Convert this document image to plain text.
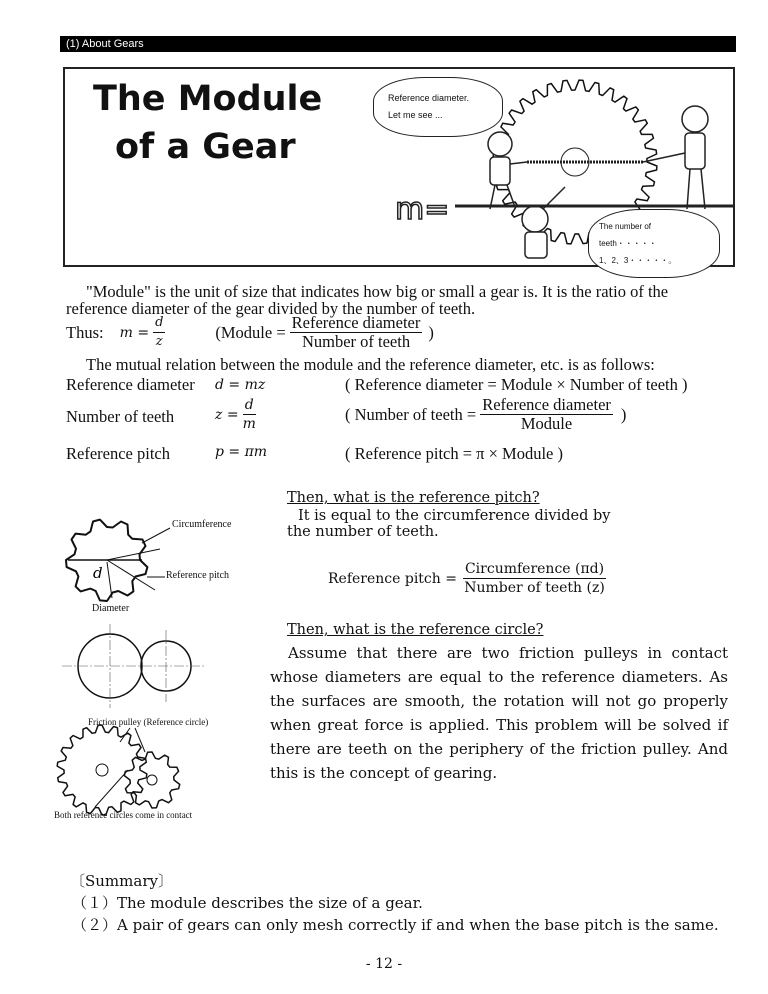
(1) About Gears
The Module
of a Gear
m=
Reference diameter.
Let me see ...
The number of teeth・・・・・
1、2、3・・・・・。
"Module" is the unit of size that indicates how big or small a gear is. It is the ratio of the
reference diameter of the gear divided by the number of teeth.
Thus: $m = \frac{d}{z}$	(Module = $\frac{\text{Reference diameter}}{\text{Number of teeth}}$ )
The mutual relation between the module and the reference diameter, etc. is as follows:
Reference diameter d = mz	( Reference diameter = Module × Number of teeth )
Number of teeth	$z = \frac{d}{m}$	( Number of teeth = $\frac{\text{Reference diameter}}{\text{Module}}$ )
Reference pitch	p = πm	( Reference pitch = π × Module )
d
Circumference
Reference pitch
Diameter
Friction pulley (Reference circle)
Both reference circles come in contact
Then, what is the reference pitch?
It is equal to the circumference divided by
the number of teeth.
Reference pitch = $\frac{\text{Circumference (πd)}}{\text{Number of teeth (z)}}$
Then, what is the reference circle?
Assume that there are two friction pulleys in contact whose diameters are equal to the reference diameters. As the surfaces are smooth, the rotation will not go properly when great force is applied. This problem will be solved if there are teeth on the periphery of the friction pulley. And this is the concept of gearing.
〔Summary〕
（１）The module describes the size of a gear.
（２）A pair of gears can only mesh correctly if and when the base pitch is the same.
- 12 -
